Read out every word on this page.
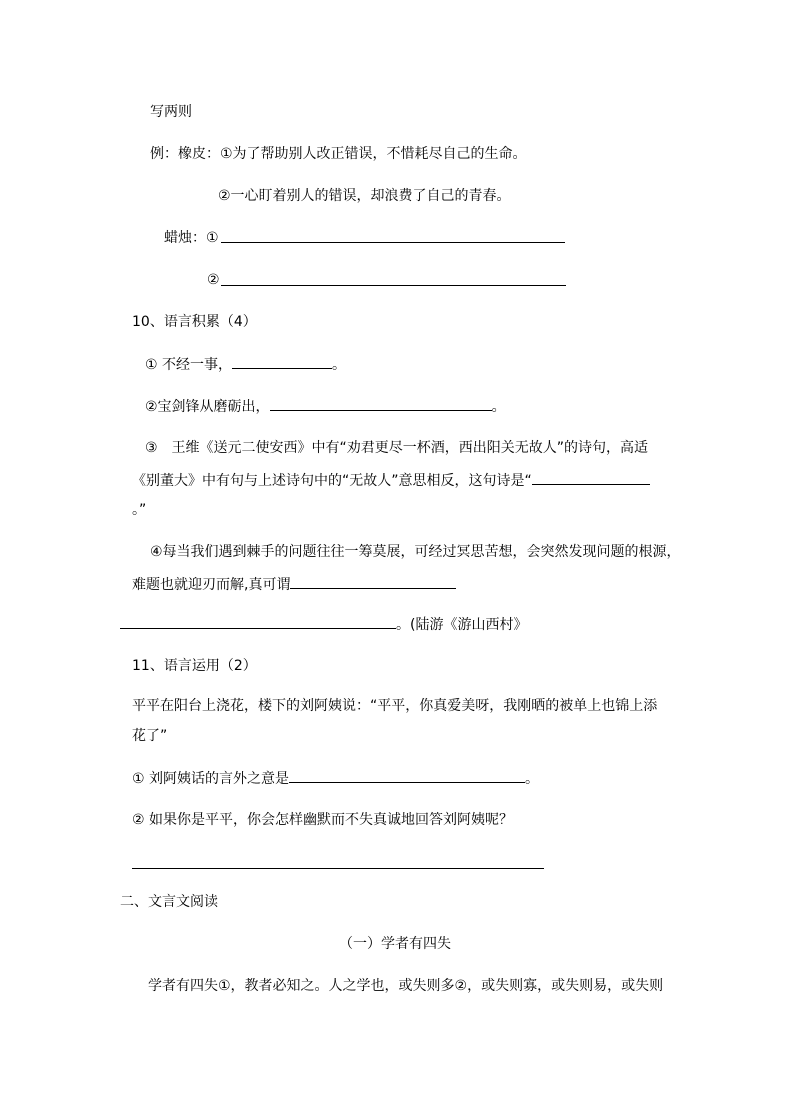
写两则
例：橡皮：①为了帮助别人改正错误，不惜耗尽自己的生命。
②一心盯着别人的错误，却浪费了自己的青春。
蜡烛：①
②
10、语言积累（4）
① 不经一事，	。
②宝剑锋从磨砺出，	。
③　王维《送元二使安西》中有“劝君更尽一杯酒，西出阳关无故人”的诗句，高适
《别董大》中有句与上述诗句中的“无故人”意思相反，这句诗是“
。”
④每当我们遇到棘手的问题往往一筹莫展，可经过冥思苦想，会突然发现问题的根源，
难题也就迎刃而解,真可谓
。(陆游《游山西村》
11、语言运用（2）
平平在阳台上浇花，楼下的刘阿姨说：“平平，你真爱美呀，我刚晒的被单上也锦上添
花了”
① 刘阿姨话的言外之意是	。
② 如果你是平平，你会怎样幽默而不失真诚地回答刘阿姨呢？
二、文言文阅读
（一）学者有四失
学者有四失①，教者必知之。人之学也，或失则多②，或失则寡，或失则易，或失则
